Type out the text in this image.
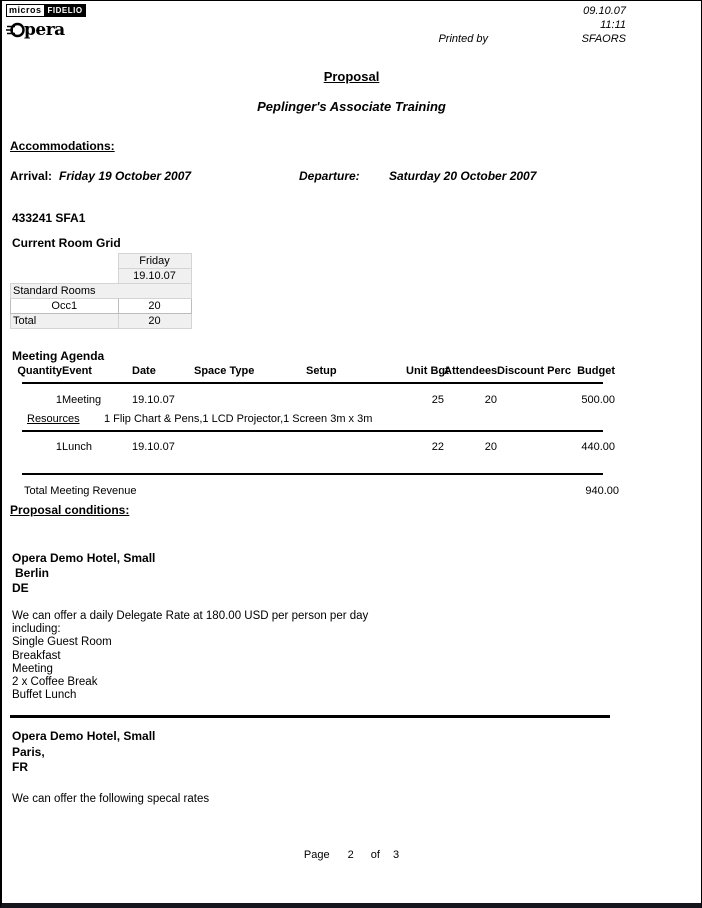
micros FIDELIO
pera
09.10.07
11:11
Printed by	SFAORS
Proposal
Peplinger's Associate Training
Accommodations:
Arrival: Friday 19 October 2007	Departure:	Saturday 20 October 2007
433241 SFA1
Current Room Grid
	Friday
	19.10.07
Standard Rooms	
Occ1	20
Total	20
Meeting Agenda
Quantity	Event	Date	Space Type	Setup	Unit Bgt	Attendees	Discount Perc	Budget
1	Meeting	19.10.07			25	20		500.00
Resources 1 Flip Chart & Pens,1 LCD Projector,1 Screen 3m x 3m
1	Lunch	19.10.07			22	20		440.00
Total Meeting Revenue	940.00
Proposal conditions:
Opera Demo Hotel, Small
Berlin
DE
We can offer a daily Delegate Rate at 180.00 USD per person per day
including:
Single Guest Room
Breakfast
Meeting
2 x Coffee Break
Buffet Lunch
Opera Demo Hotel, Small
Paris,
FR
We can offer the following specal rates
Page 2 of 3
